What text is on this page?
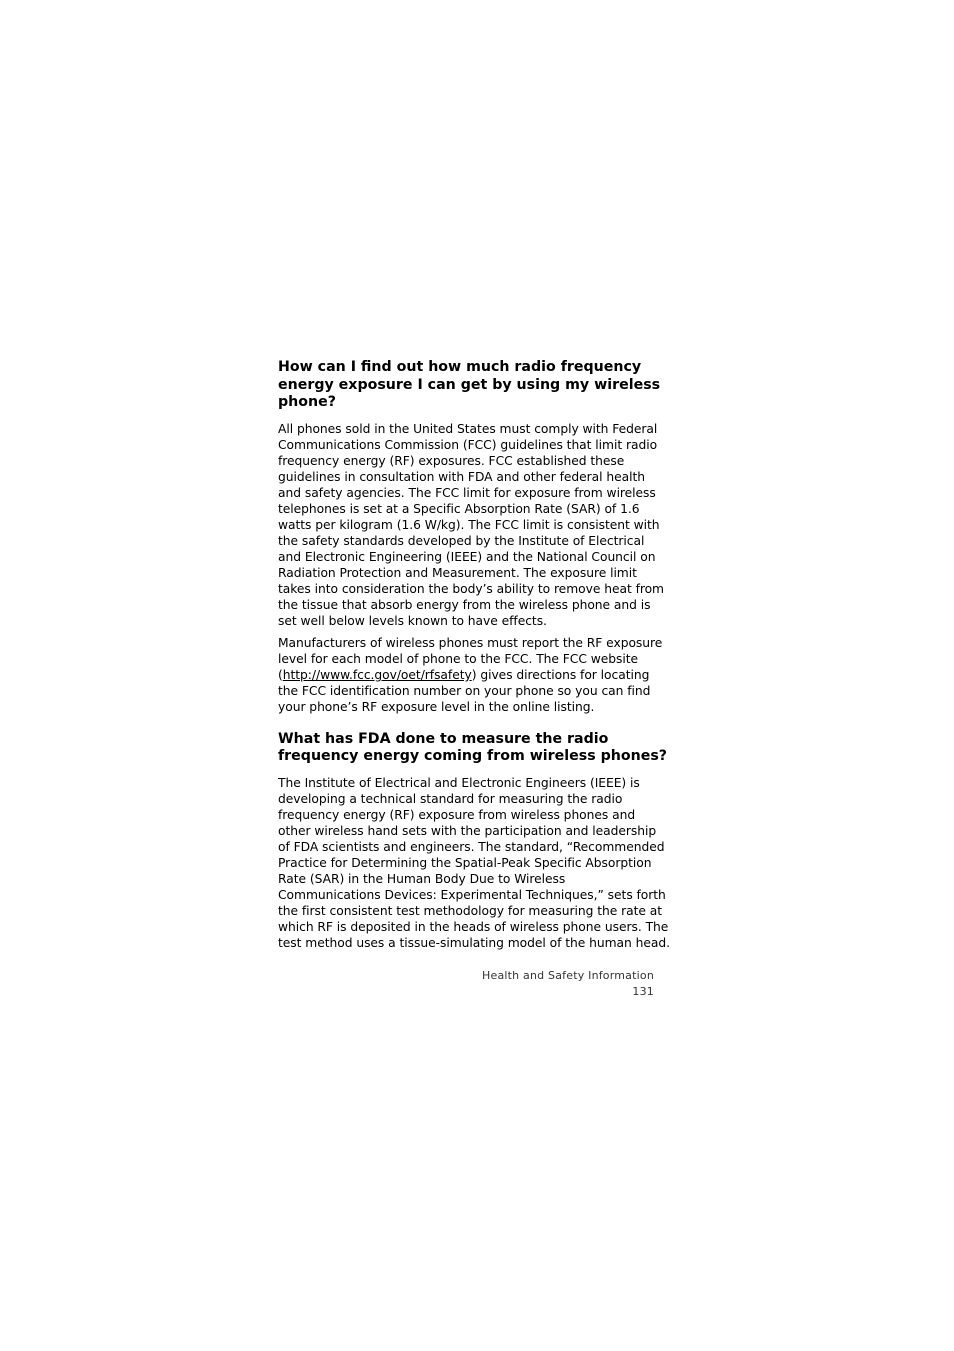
How can I find out how much radio frequency energy exposure I can get by using my wireless phone?

All phones sold in the United States must comply with Federal Communications Commission (FCC) guidelines that limit radio frequency energy (RF) exposures. FCC established these guidelines in consultation with FDA and other federal health and safety agencies. The FCC limit for exposure from wireless telephones is set at a Specific Absorption Rate (SAR) of 1.6 watts per kilogram (1.6 W/kg). The FCC limit is consistent with the safety standards developed by the Institute of Electrical and Electronic Engineering (IEEE) and the National Council on Radiation Protection and Measurement. The exposure limit takes into consideration the body’s ability to remove heat from the tissue that absorb energy from the wireless phone and is set well below levels known to have effects.

Manufacturers of wireless phones must report the RF exposure level for each model of phone to the FCC. The FCC website (http://www.fcc.gov/oet/rfsafety) gives directions for locating the FCC identification number on your phone so you can find your phone’s RF exposure level in the online listing.

What has FDA done to measure the radio frequency energy coming from wireless phones?

The Institute of Electrical and Electronic Engineers (IEEE) is developing a technical standard for measuring the radio frequency energy (RF) exposure from wireless phones and other wireless hand sets with the participation and leadership of FDA scientists and engineers. The standard, “Recommended Practice for Determining the Spatial-Peak Specific Absorption Rate (SAR) in the Human Body Due to Wireless Communications Devices: Experimental Techniques,” sets forth the first consistent test methodology for measuring the rate at which RF is deposited in the heads of wireless phone users. The test method uses a tissue-simulating model of the human head.

Health and Safety Information
131
